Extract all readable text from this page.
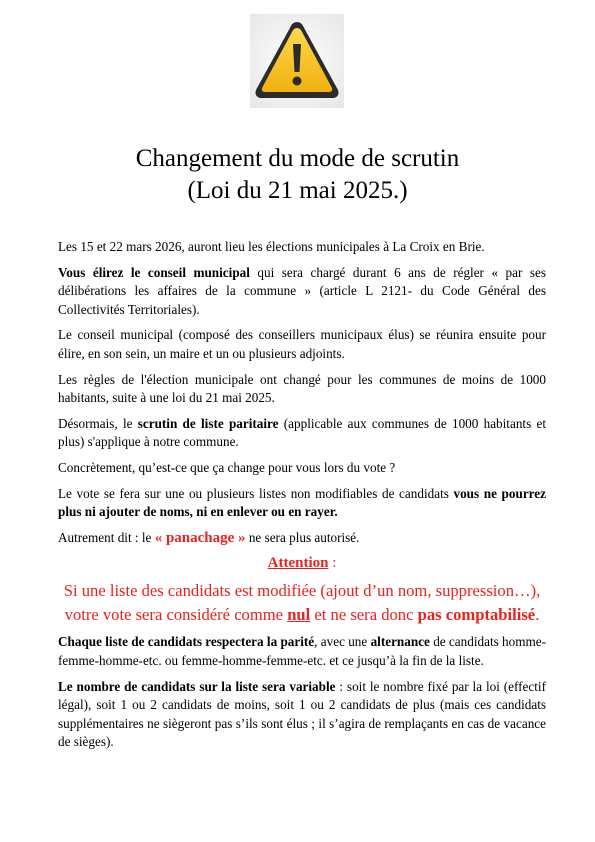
Changement du mode de scrutin
(Loi du 21 mai 2025.)

Les 15 et 22 mars 2026, auront lieu les élections municipales à La Croix en Brie.

Vous élirez le conseil municipal qui sera chargé durant 6 ans de régler « par ses délibérations les affaires de la commune » (article L 2121- du Code Général des Collectivités Territoriales).

Le conseil municipal (composé des conseillers municipaux élus) se réunira ensuite pour élire, en son sein, un maire et un ou plusieurs adjoints.

Les règles de l'élection municipale ont changé pour les communes de moins de 1000 habitants, suite à une loi du 21 mai 2025.

Désormais, le scrutin de liste paritaire (applicable aux communes de 1000 habitants et plus) s'applique à notre commune.

Concrètement, qu’est-ce que ça change pour vous lors du vote ?

Le vote se fera sur une ou plusieurs listes non modifiables de candidats vous ne pourrez plus ni ajouter de noms, ni en enlever ou en rayer.

Autrement dit : le « panachage » ne sera plus autorisé.

Attention :
Si une liste des candidats est modifiée (ajout d’un nom, suppression…), votre vote sera considéré comme nul et ne sera donc pas comptabilisé.

Chaque liste de candidats respectera la parité, avec une alternance de candidats homme-femme-homme-etc. ou femme-homme-femme-etc. et ce jusqu’à la fin de la liste.

Le nombre de candidats sur la liste sera variable : soit le nombre fixé par la loi (effectif légal), soit 1 ou 2 candidats de moins, soit 1 ou 2 candidats de plus (mais ces candidats supplémentaires ne siègeront pas s’ils sont élus ; il s’agira de remplaçants en cas de vacance de sièges).
